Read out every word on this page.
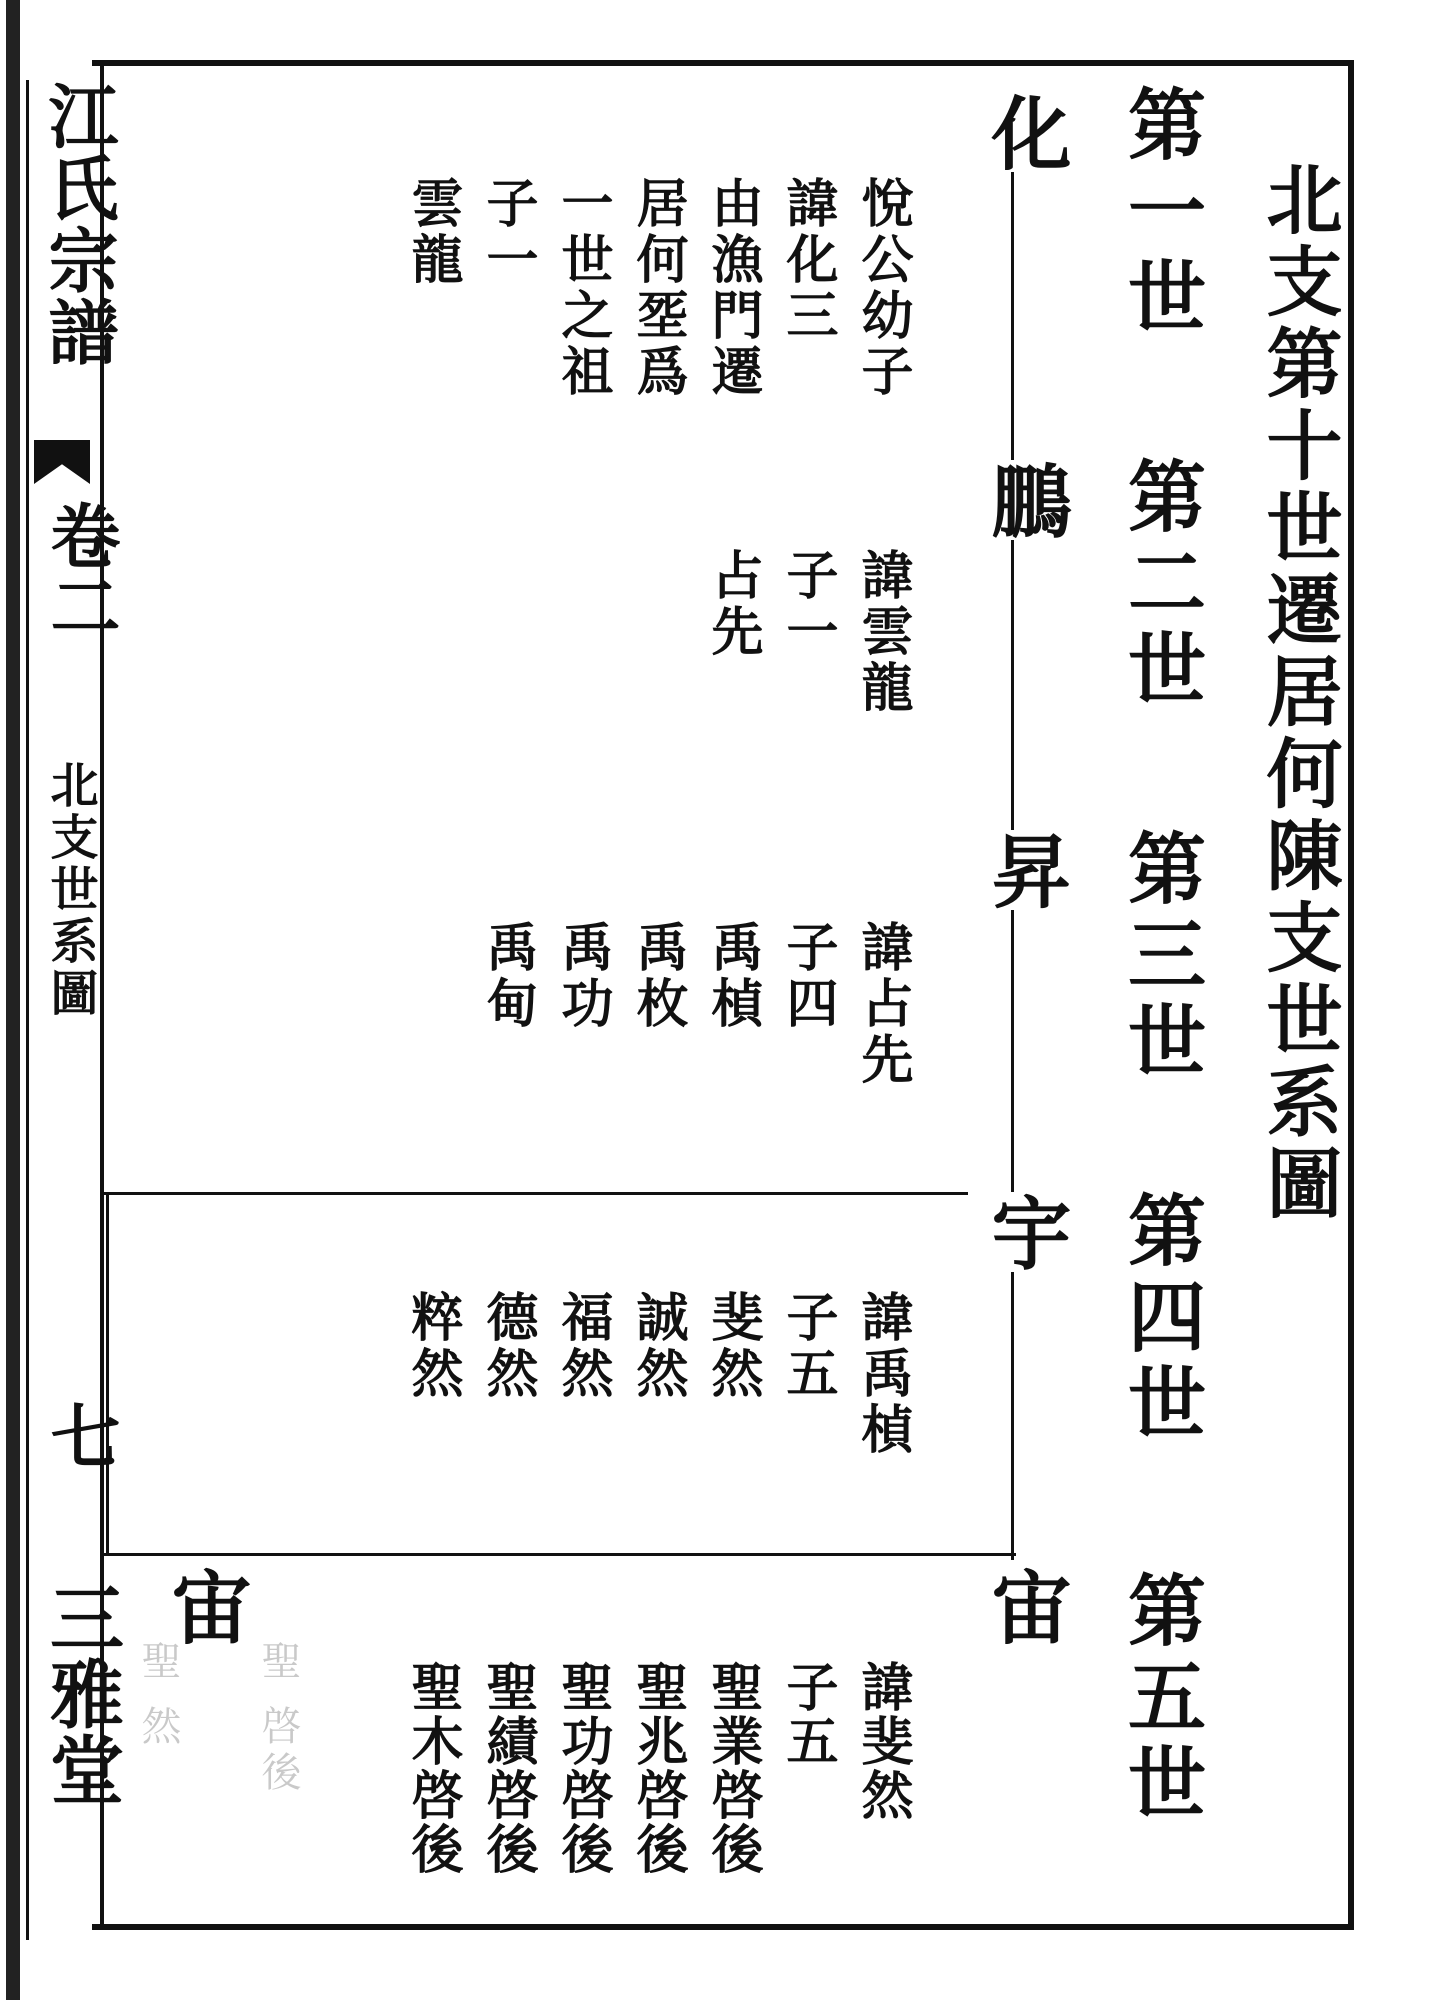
江氏宗譜
卷二
北支世系圖
七
三雅堂
北支第十世遷居何陳支世系圖
第一世
第二世
第三世
第四世
第五世
化
鵬
昇
宇
宙
宙
聖 然 聖 啓後
悅公幼子
諱化三
由漁門遷
居何㘸爲
一世之祖
子一
雲龍
諱雲龍
子一
占先
諱占先
子四
禹楨
禹枚
禹功
禹甸
諱禹楨
子五
斐然
誠然
福然
德然
粹然
諱斐然
子五
聖業啓後
聖兆啓後
聖功啓後
聖績啓後
聖木啓後
